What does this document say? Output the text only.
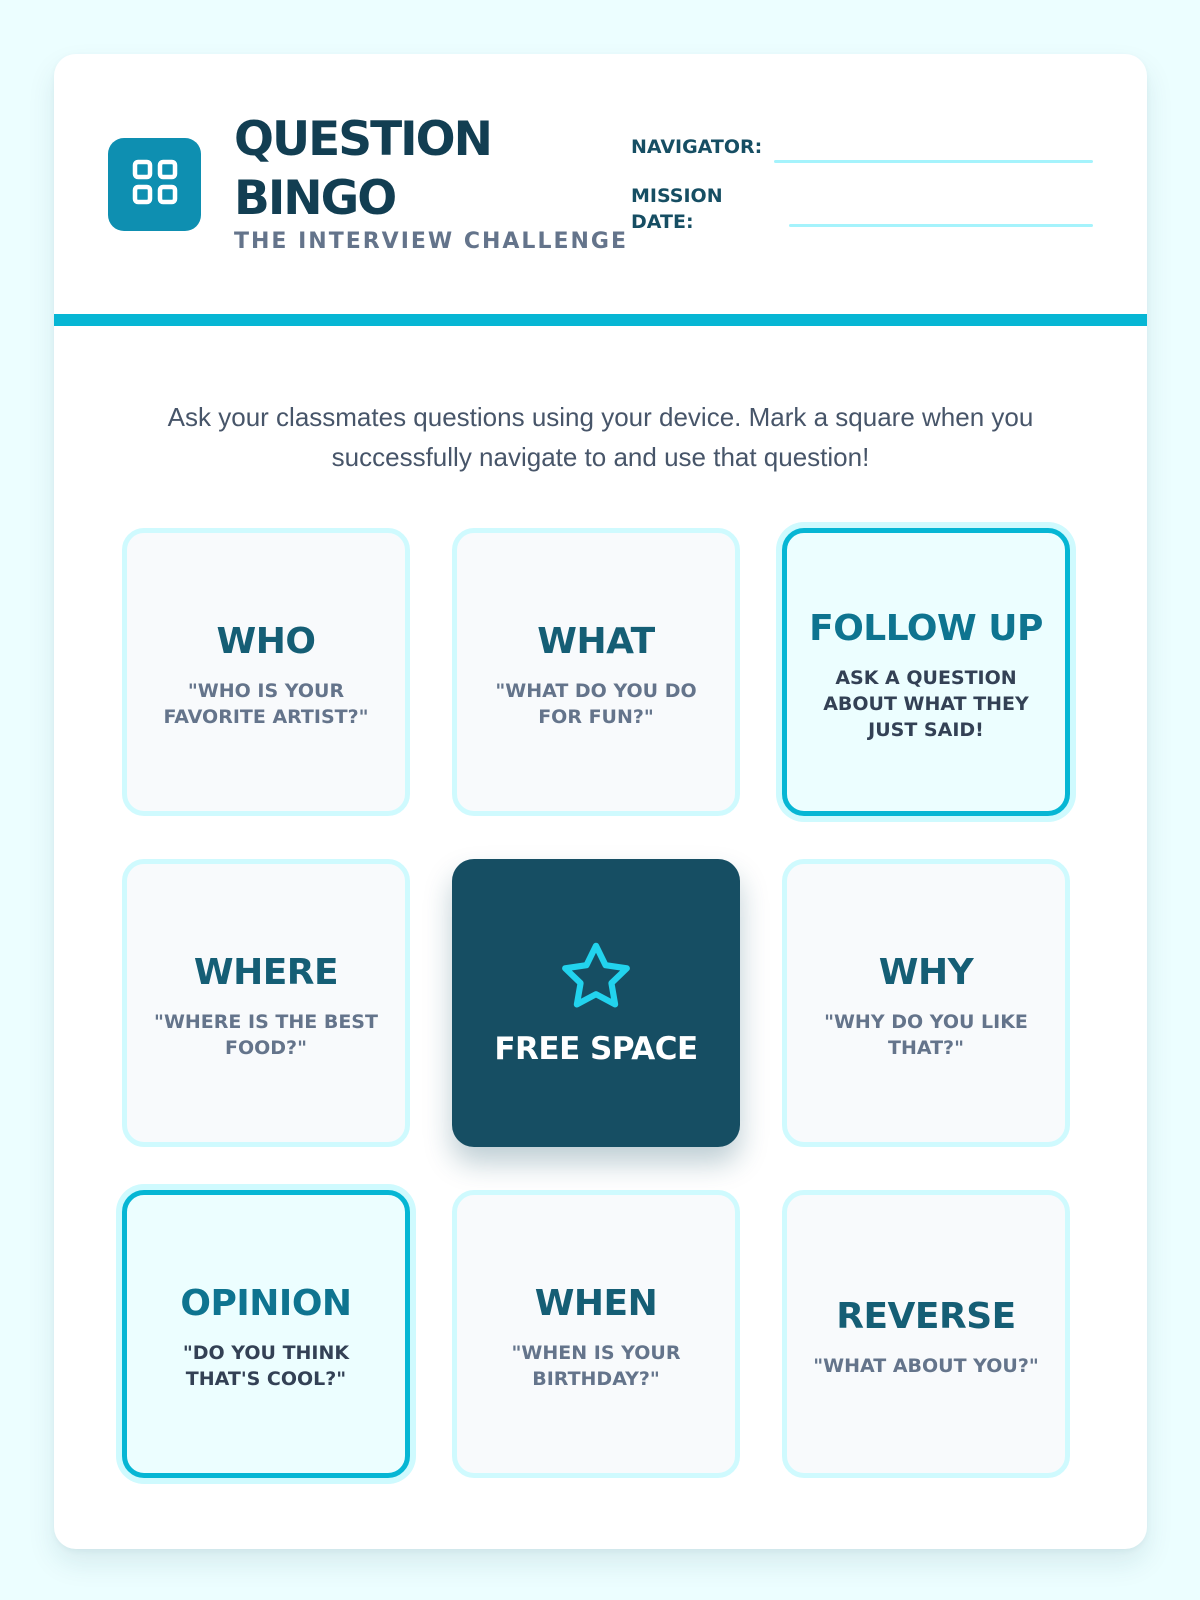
QUESTION
BINGO
THE INTERVIEW CHALLENGE
NAVIGATOR:
MISSION
DATE:
Ask your classmates questions using your device. Mark a square when you successfully navigate to and use that question!
WHO
"WHO IS YOUR FAVORITE ARTIST?"
WHAT
"WHAT DO YOU DO FOR FUN?"
FOLLOW UP
ASK A QUESTION ABOUT WHAT THEY JUST SAID!
WHERE
"WHERE IS THE BEST FOOD?"	FREE SPACE
WHY
"WHY DO YOU LIKE THAT?"
OPINION
"DO YOU THINK THAT'S COOL?"
WHEN
"WHEN IS YOUR BIRTHDAY?"
REVERSE
"WHAT ABOUT YOU?"
